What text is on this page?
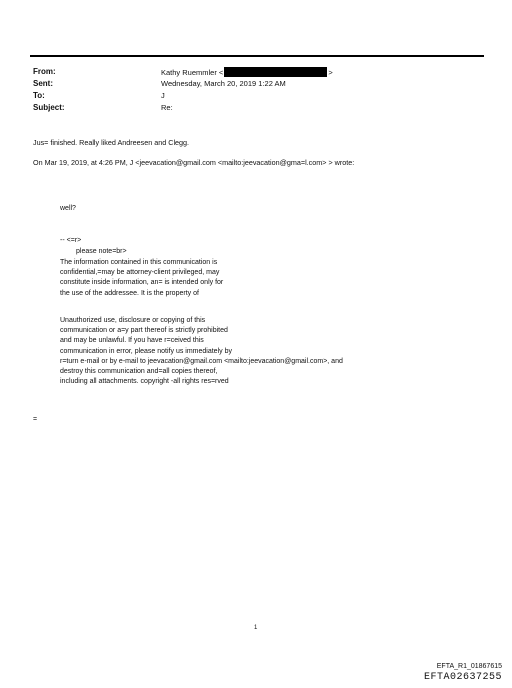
From:
Sent:
To:
Subject:
Kathy Ruemmler <	>
Wednesday, March 20, 2019 1:22 AM
J
Re:
Jus= finished. Really liked Andreesen and Clegg.
On Mar 19, 2019, at 4:26 PM, J <jeevacation@gmail.com <mailto:jeevacation@gma=l.com> > wrote:
well?
-- <=r>
please note=br>
The information contained in this communication is
confidential,=may be attorney-client privileged, may
constitute inside information, an= is intended only for
the use of the addressee. It is the property of
Unauthorized use, disclosure or copying of this
communication or a=y part thereof is strictly prohibited
and may be unlawful. If you have r=ceived this
communication in error, please notify us immediately by
r=turn e-mail or by e-mail to jeevacation@gmail.com <mailto:jeevacation@gmail.com>, and
destroy this communication and=all copies thereof,
including all attachments. copyright -all rights res=rved
=
1
EFTA_R1_01867615
EFTA02637255
